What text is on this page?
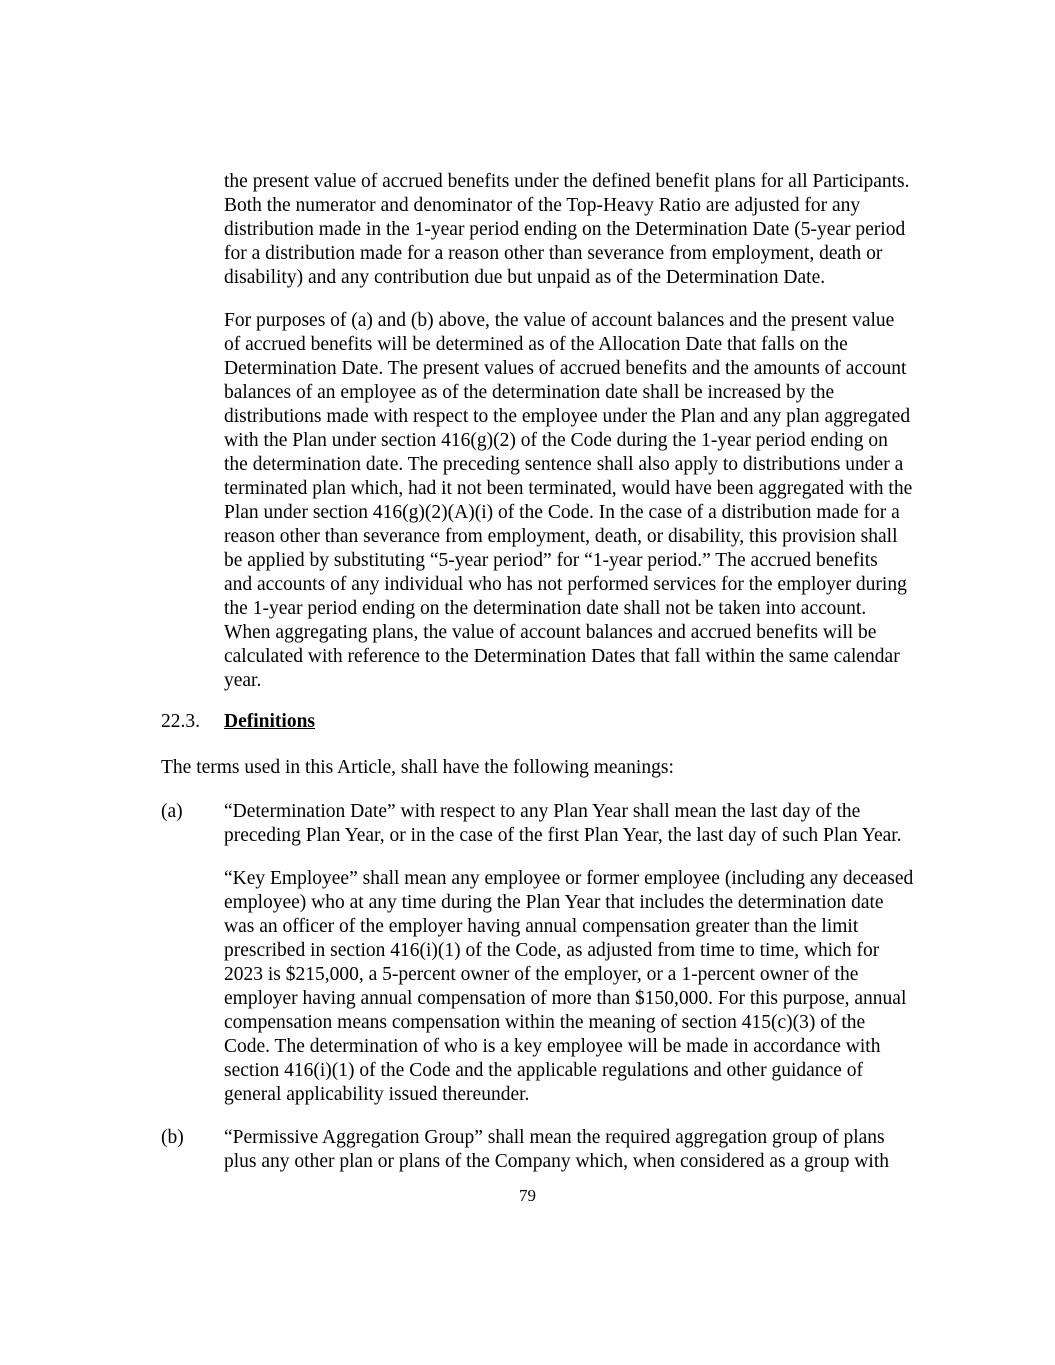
the present value of accrued benefits under the defined benefit plans for all Participants.
Both the numerator and denominator of the Top-Heavy Ratio are adjusted for any
distribution made in the 1-year period ending on the Determination Date (5-year period
for a distribution made for a reason other than severance from employment, death or
disability) and any contribution due but unpaid as of the Determination Date.
For purposes of (a) and (b) above, the value of account balances and the present value
of accrued benefits will be determined as of the Allocation Date that falls on the
Determination Date. The present values of accrued benefits and the amounts of account
balances of an employee as of the determination date shall be increased by the
distributions made with respect to the employee under the Plan and any plan aggregated
with the Plan under section 416(g)(2) of the Code during the 1-year period ending on
the determination date. The preceding sentence shall also apply to distributions under a
terminated plan which, had it not been terminated, would have been aggregated with the
Plan under section 416(g)(2)(A)(i) of the Code. In the case of a distribution made for a
reason other than severance from employment, death, or disability, this provision shall
be applied by substituting “5-year period” for “1-year period.” The accrued benefits
and accounts of any individual who has not performed services for the employer during
the 1-year period ending on the determination date shall not be taken into account.
When aggregating plans, the value of account balances and accrued benefits will be
calculated with reference to the Determination Dates that fall within the same calendar
year.
22.3. Definitions
The terms used in this Article, shall have the following meanings:
(a) “Determination Date” with respect to any Plan Year shall mean the last day of the
preceding Plan Year, or in the case of the first Plan Year, the last day of such Plan Year.
“Key Employee” shall mean any employee or former employee (including any deceased
employee) who at any time during the Plan Year that includes the determination date
was an officer of the employer having annual compensation greater than the limit
prescribed in section 416(i)(1) of the Code, as adjusted from time to time, which for
2023 is $215,000, a 5-percent owner of the employer, or a 1-percent owner of the
employer having annual compensation of more than $150,000. For this purpose, annual
compensation means compensation within the meaning of section 415(c)(3) of the
Code. The determination of who is a key employee will be made in accordance with
section 416(i)(1) of the Code and the applicable regulations and other guidance of
general applicability issued thereunder.
(b) “Permissive Aggregation Group” shall mean the required aggregation group of plans
plus any other plan or plans of the Company which, when considered as a group with
79
